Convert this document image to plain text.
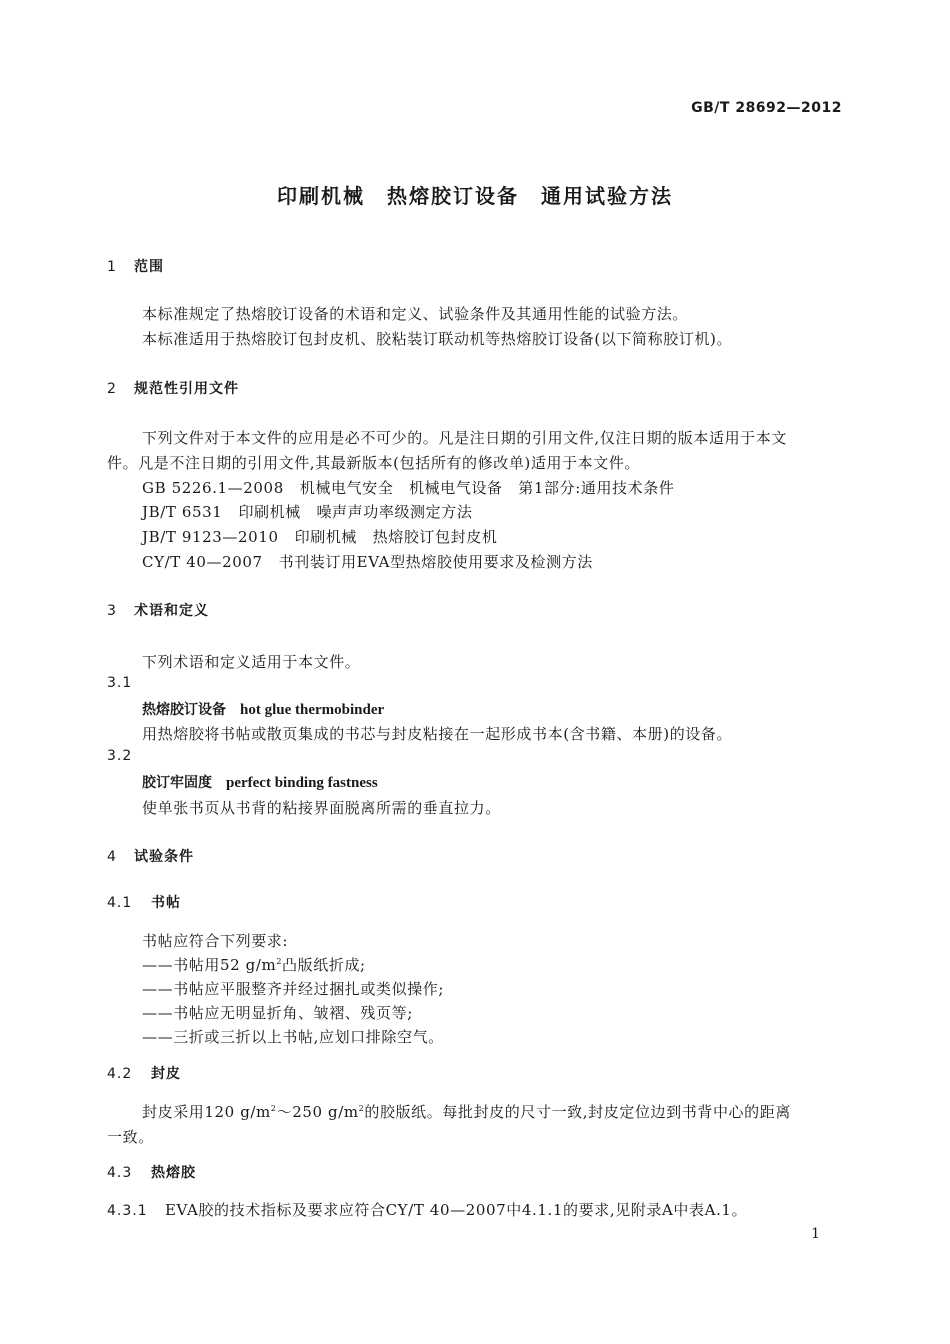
GB/T 28692—2012
印刷机械　热熔胶订设备　通用试验方法
1 范围
本标准规定了热熔胶订设备的术语和定义、试验条件及其通用性能的试验方法。
本标准适用于热熔胶订包封皮机、胶粘装订联动机等热熔胶订设备(以下简称胶订机)。
2 规范性引用文件
下列文件对于本文件的应用是必不可少的。凡是注日期的引用文件,仅注日期的版本适用于本文
件。凡是不注日期的引用文件,其最新版本(包括所有的修改单)适用于本文件。
GB 5226.1—2008 机械电气安全　机械电气设备　第1部分:通用技术条件
JB/T 6531 印刷机械　噪声声功率级测定方法
JB/T 9123—2010 印刷机械　热熔胶订包封皮机
CY/T 40—2007 书刊装订用EVA型热熔胶使用要求及检测方法
3 术语和定义
下列术语和定义适用于本文件。
3.1
热熔胶订设备 hot glue thermobinder
用热熔胶将书帖或散页集成的书芯与封皮粘接在一起形成书本(含书籍、本册)的设备。
3.2
胶订牢固度 perfect binding fastness
使单张书页从书背的粘接界面脱离所需的垂直拉力。
4 试验条件
4.1 书帖
书帖应符合下列要求:
——书帖用52 $g/m^2$凸版纸折成;
——书帖应平服整齐并经过捆扎或类似操作;
——书帖应无明显折角、皱褶、残页等;
——三折或三折以上书帖,应划口排除空气。
4.2 封皮
封皮采用120 $g/m^2\sim 250$ $g/m^2$的胶版纸。每批封皮的尺寸一致,封皮定位边到书背中心的距离
一致。
4.3 热熔胶
4.3.1 EVA胶的技术指标及要求应符合CY/T 40—2007中4.1.1的要求,见附录A中表A.1。
1
